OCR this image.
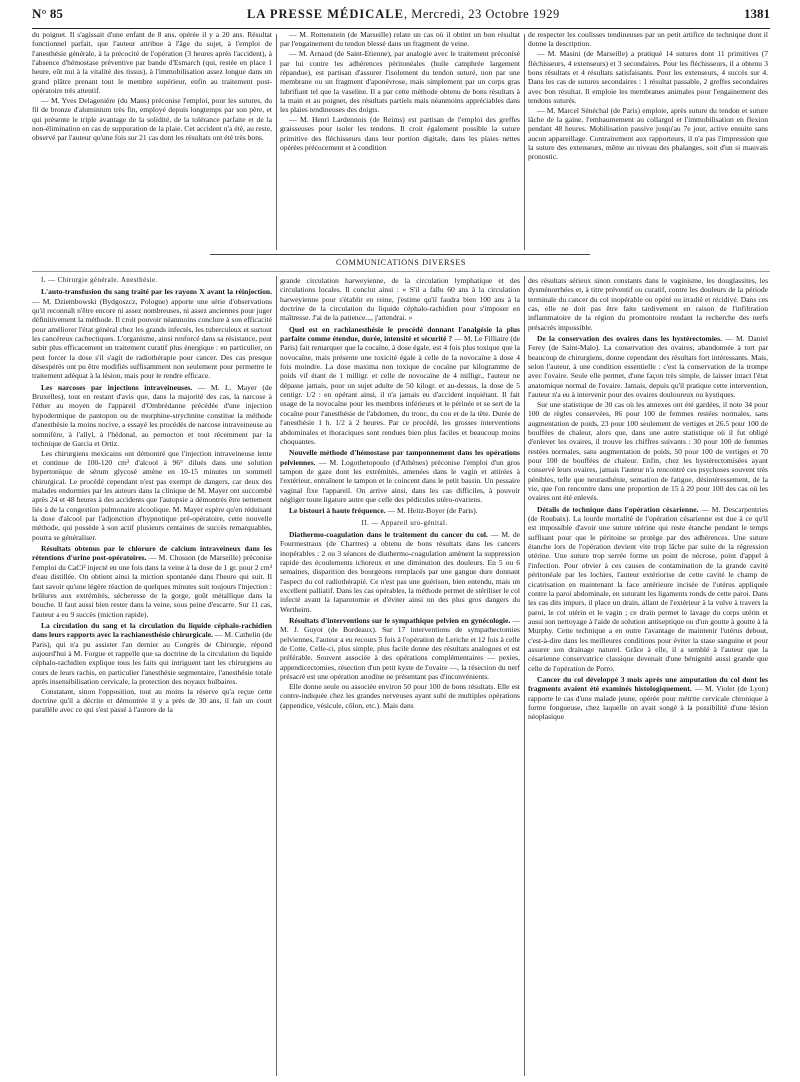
N° 85	LA PRESSE MÉDICALE, Mercredi, 23 Octobre 1929	1381

du poignet. Il s'agissait d'une enfant de 8 ans, opérée il y a 20 ans. Résultat fonctionnel parfait, que l'auteur attribue à l'âge du sujet, à l'emploi de l'anesthésie générale, à la précocité de l'opération (3 heures après l'accident), à l'absence d'hémostase préventive par bande d'Esmarch (qui, restée en place 1 heure, eût nui à la vitalité des tissus), à l'immobilisation assez longue dans un grand plâtre prenant tout le membre supérieur, enfin au traitement post-opératoire très attentif.

— M. Yves Delagenière (du Mans) préconise l'emploi, pour les sutures, du fil de bronze d'aluminium très fin, employé depuis longtemps par son père, et qui présente le triple avantage de la solidité, de la tolérance parfaite et de la non-élimination en cas de suppuration de la plaie. Cet accident n'a été, au reste, observé par l'auteur qu'une fois sur 21 cas dont les résultats ont été très bons.

— M. Rottenstein (de Marseille) relate un cas où il obtint un bon résultat par l'engainement du tendon blessé dans un fragment de veine.

— M. Arnaud (de Saint-Etienne), par analogie avec le traitement préconisé par lui contre les adhérences péritonéales (huile camphrée largement répandue), est partisan d'assurer l'isolement du tendon suturé, non par une membrane ou un fragment d'aponévrose, mais simplement par un corps gras lubrifiant tel que la vaseline. Il a par cette méthode obtenu de bons résultats à la main et au poignet, des résultats partiels mais néanmoins appréciables dans les plaies tendineuses des doigts.

— M. Henri Lardennois (de Reims) est partisan de l'emploi des greffes graisseuses pour isoler les tendons. Il croit également possible la suture primitive des fléchisseurs dans leur portion digitale, dans les plaies nettes opérées précocement et à condition

de respecter les coulisses tendineuses par un petit artifice de technique dont il donne la description.

— M. Masini (de Marseille) a pratiqué 14 sutures dont 11 primitives (7 fléchisseurs, 4 extenseurs) et 3 secondaires. Pour les fléchisseurs, il a obtenu 3 bons résultats et 4 résultats satisfaisants. Pour les extenseurs, 4 succès sur 4. Dans les cas de sutures secondaires : 1 résultat passable, 2 greffes secondaires avec bon résultat. Il emploie les membranes animales pour l'engainement des tendons suturés.

— M. Marcel Sénéchal (de Paris) emploie, après suture du tendon et suture lâche de la gaine, l'embaumement au collargol et l'immobilisation en flexion pendant 48 heures. Mobilisation passive jusqu'au 7e jour, active ensuite sans aucun appareillage. Contrairement aux rapporteurs, il n'a pas l'impression que la suture des extenseurs, même au niveau des phalanges, soit d'un si mauvais pronostic.

COMMUNICATIONS DIVERSES
I. — Chirurgie générale. Anesthésie.

L'auto-transfusion du sang traité par les rayons X avant la réinjection. — M. Dziembowski (Bydgoszcz, Pologne) apporte une série d'observations qu'il reconnaît n'être encore ni assez nombreuses, ni assez anciennes pour juger définitivement la méthode. Il croit pouvoir néanmoins conclure à son efficacité pour améliorer l'état général chez les grands infectés, les tuberculeux et surtout les cancéreux cachectiques. L'organisme, ainsi renforcé dans sa résistance, peut subir plus efficacement un traitement curatif plus énergique : en particulier, on peut forcer la dose s'il s'agit de radiothérapie pour cancer. Des cas presque désespérés ont pu être modifiés suffisamment non seulement pour permettre le traitement adéquat à la lésion, mais pour le rendre efficace.

Les narcoses par injections intraveineuses. — M. L. Mayer (de Bruxelles), tout en restant d'avis que, dans la majorité des cas, la narcose à l'éther au moyen de l'appareil d'Ombrédanne précédée d'une injection hypodermique de pantopon ou de morphine-strychnine constitue la méthode d'anesthésie la moins nocive, a essayé les procédés de narcose intraveineuse au somnifère, à l'allyl, à l'hédonal, au pernocton et tout récemment par la technique de Garcia et Ortiz.

Les chirurgiens mexicains ont démontré que l'injection intraveineuse lente et continue de 100-120 cm³ d'alcool à 96° dilués dans une solution hypertonique de sérum glycosé amène en 10-15 minutes un sommeil chirurgical. Le procédé cependant n'est pas exempt de dangers, car deux des malades endormies par les auteurs dans la clinique de M. Mayer ont succombé après 24 et 48 heures à des accidents que l'autopsie a démontrés être nettement liés à de la congestion pulmonaire alcoolique. M. Mayer espère qu'en réduisant la dose d'alcool par l'adjonction d'hypnotique pré-opératoire, cette nouvelle méthode, qui possède à son actif plusieurs centaines de succès remarquables, pourra se généraliser.

Résultats obtenus par le chlorure de calcium intraveineux dans les rétentions d'urine post-opératoires. — M. Chosson (de Marseille) préconise l'emploi du CaCl² injecté en une fois dans la veine à la dose de 1 gr. pour 2 cm³ d'eau distillée. On obtient ainsi la miction spontanée dans l'heure qui suit. Il faut savoir qu'une légère réaction de quelques minutes suit toujours l'injection : brûlures aux extrémités, sécheresse de la gorge, goût métallique dans la bouche. Il faut aussi bien rester dans la veine, sous peine d'escarre. Sur 11 cas, l'auteur a eu 9 succès (miction rapide).

La circulation du sang et la circulation du liquide céphalo-rachidien dans leurs rapports avec la rachianesthésie chirurgicale. — M. Cathelin (de Paris), qui n'a pu assister l'an dernier au Congrès de Chirurgie, répond aujourd'hui à M. Forgue et rappelle que sa doctrine de la circulation du liquide céphalo-rachidien explique tous les faits qui intriguent tant les chirurgiens au cours de leurs rachis, en particulier l'anesthésie segmentaire, l'anesthésie totale après insensibilisation cervicale, la protection des noyaux bulbaires.

Constatant, sinon l'opposition, tout au moins la réserve qu'a reçue cette doctrine qu'il a décrite et démontrée il y a près de 30 ans, il fait un court parallèle avec ce qui s'est passé à l'aurore de la

grande circulation harweyienne, de la circulation lymphatique et des circulations locales. Il conclut ainsi : « S'il a fallu 60 ans à la circulation harweyienne pour s'établir en reine, j'estime qu'il faudra bien 100 ans à la doctrine de la circulation du liquide céphalo-rachidien pour s'imposer en maîtresse. J'ai de la patience..., j'attendrai. »

Quel est en rachianesthésie le procédé donnant l'analgésie la plus parfaite comme étendue, durée, intensité et sécurité ? — M. Le Filliatre (de Paris) fait remarquer que la cocaïne, à dose égale, est 4 fois plus toxique que la novocaïne, mais présente une toxicité égale à celle de la novocaïne à dose 4 fois moindre. La dose maxima non toxique de cocaïne par kilogramme de poids vif étant de 1 milligr. et celle de novocaïne de 4 milligr., l'auteur ne dépasse jamais, pour un sujet adulte de 50 kilogr. et au-dessus, la dose de 5 centigr. 1/2 : en opérant ainsi, il n'a jamais eu d'accident inquiétant. Il fait usage de la novocaïne pour les membres inférieurs et le périnée et se sert de la cocaïne pour l'anesthésie de l'abdomen, du tronc, du cou et de la tête. Durée de l'anesthésie 1 h. 1/2 à 2 heures. Par ce procédé, les grosses interventions abdominales et thoraciques sont rendues bien plus faciles et beaucoup moins choquantes.

Nouvelle méthode d'hémostase par tamponnement dans les opérations pelviennes. — M. Logothetopoulo (d'Athènes) préconise l'emploi d'un gros tampon de gaze dont les extrémités, amenées dans le vagin et attirées à l'extérieur, entraînent le tampon et le coincent dans le petit bassin. Un pessaire vaginal fixe l'appareil. On arrive ainsi, dans les cas difficiles, à pouvoir négliger toute ligature autre que celle des pédicules utéro-ovariens.

Le bistouri à haute fréquence. — M. Heitz-Boyer (de Paris).

II. — Appareil uro-génital.

Diathermo-coagulation dans le traitement du cancer du col. — M. de Fourmestraux (de Chartres) a obtenu de bons résultats dans les cancers inopérables : 2 ou 3 séances de diathermo-coagulation amènent la suppression rapide des écoulements ichoreux et une diminution des douleurs. En 5 ou 6 semaines, disparition des bourgeons remplacés par une gangue dure donnant l'aspect du col radiothérapié. Ce n'est pas une guérison, bien entendu, mais un excellent palliatif. Dans les cas opérables, la méthode permet de stériliser le col infecté avant la laparotomie et d'éviter ainsi un des plus gros dangers du Wertheim.

Résultats d'interventions sur le sympathique pelvien en gynécologie. — M. J. Guyot (de Bordeaux). Sur 17 interventions de sympathectomies pelviennes, l'auteur a eu recours 5 fois à l'opération de Leriche et 12 fois à celle de Cotte. Celle-ci, plus simple, plus facile donne des résultats analogues et est préférable. Souvent associée à des opérations complémentaires — pexies, appendicectomies, résection d'un petit kyste de l'ovaire —, la résection du nerf présacré est une opération anodine ne présentant pas d'inconvénients.

Elle donne seule ou associée environ 50 pour 100 de bons résultats. Elle est contre-indiquée chez les grandes nerveuses ayant subi de multiples opérations (appendice, vésicule, côlon, etc.). Mais dans

des résultats sérieux sinon constants dans le vaginisme, les douglassites, les dysménorrhées et, à titre préventif ou curatif, contre les douleurs de la période terminale du cancer du col inopérable ou opéré ou irradié et récidivé. Dans ces cas, elle ne doit pas être faite tardivement en raison de l'infiltration inflammatoire de la région du promontoire rendant la recherche des nerfs présacrés impossible.

De la conservation des ovaires dans les hystérectomies. — M. Daniel Ferey (de Saint-Malo). La conservation des ovaires, abandonnée à tort par beaucoup de chirurgiens, donne cependant des résultats fort intéressants. Mais, selon l'auteur, à une condition essentielle : c'est la conservation de la trompe avec l'ovaire. Seule elle permet, d'une façon très simple, de laisser intact l'état anatomique normal de l'ovaire. Jamais, depuis qu'il pratique cette intervention, l'auteur n'a eu à intervenir pour des ovaires douloureux ou kystiques.

Sur une statistique de 30 cas où les annexes ont été gardées, il note 34 pour 100 de règles conservées, 86 pour 100 de femmes restées normales, sans augmentation de poids, 23 pour 100 seulement de vertiges et 26.5 pour 100 de bouffées de chaleur, alors que, dans une autre statistique où il fut obligé d'enlever les ovaires, il trouve les chiffres suivants : 30 pour 100 de femmes restées normales, sans augmentation de poids, 50 pour 100 de vertiges et 70 pour 100 de bouffées de chaleur. Enfin, chez les hystérectomisées ayant conservé leurs ovaires, jamais l'auteur n'a rencontré ces psychoses souvent très pénibles, telle que neurasthénie, sensation de fatigue, désintéressement, de la vie, que l'on rencontre dans une proportion de 15 à 20 pour 100 des cas où les ovaires ont été enlevés.

Détails de technique dans l'opération césarienne. — M. Descarpentries (de Roubaix). La lourde mortalité de l'opération césarienne est due à ce qu'il est impossible d'avoir une suture utérine qui reste étanche pendant le temps suffisant pour que le péritoine se protège par des adhérences. Une suture étanche lors de l'opération devient vite trop lâche par suite de la régression utérine. Une suture trop serrée forme un point de nécrose, point d'appel à l'infection. Pour obvier à ces causes de contamination de la grande cavité péritonéale par les lochies, l'auteur extériorise de cette cavité le champ de cicatrisation en maintenant la face antérieure incisée de l'utérus appliquée contre la paroi abdominale, en suturant les ligaments ronds de cette paroi. Dans les cas dits impurs, il place un drain, allant de l'extérieur à la vulve à travers la paroi, le col utérin et le vagin ; ce drain permet le lavage du corps utérin et aussi son nettoyage à l'aide de solution antiseptique ou d'un goutte à goutte à la Murphy. Cette technique a en outre l'avantage de maintenir l'utérus debout, c'est-à-dire dans les meilleures conditions pour éviter la stase sanguine et pour assurer son drainage naturel. Grâce à elle, il a semblé à l'auteur que la césarienne conservatrice classique devenait d'une bénignité aussi grande que celle de l'opération de Porro.

Cancer du col développé 3 mois après une amputation du col dont les fragments avaient été examinés histologiquement. — M. Violet (de Lyon) rapporte le cas d'une malade jeune, opérée pour métrite cervicale chronique à forme fongueuse, chez laquelle on avait songé à la possibilité d'une lésion néoplasique
